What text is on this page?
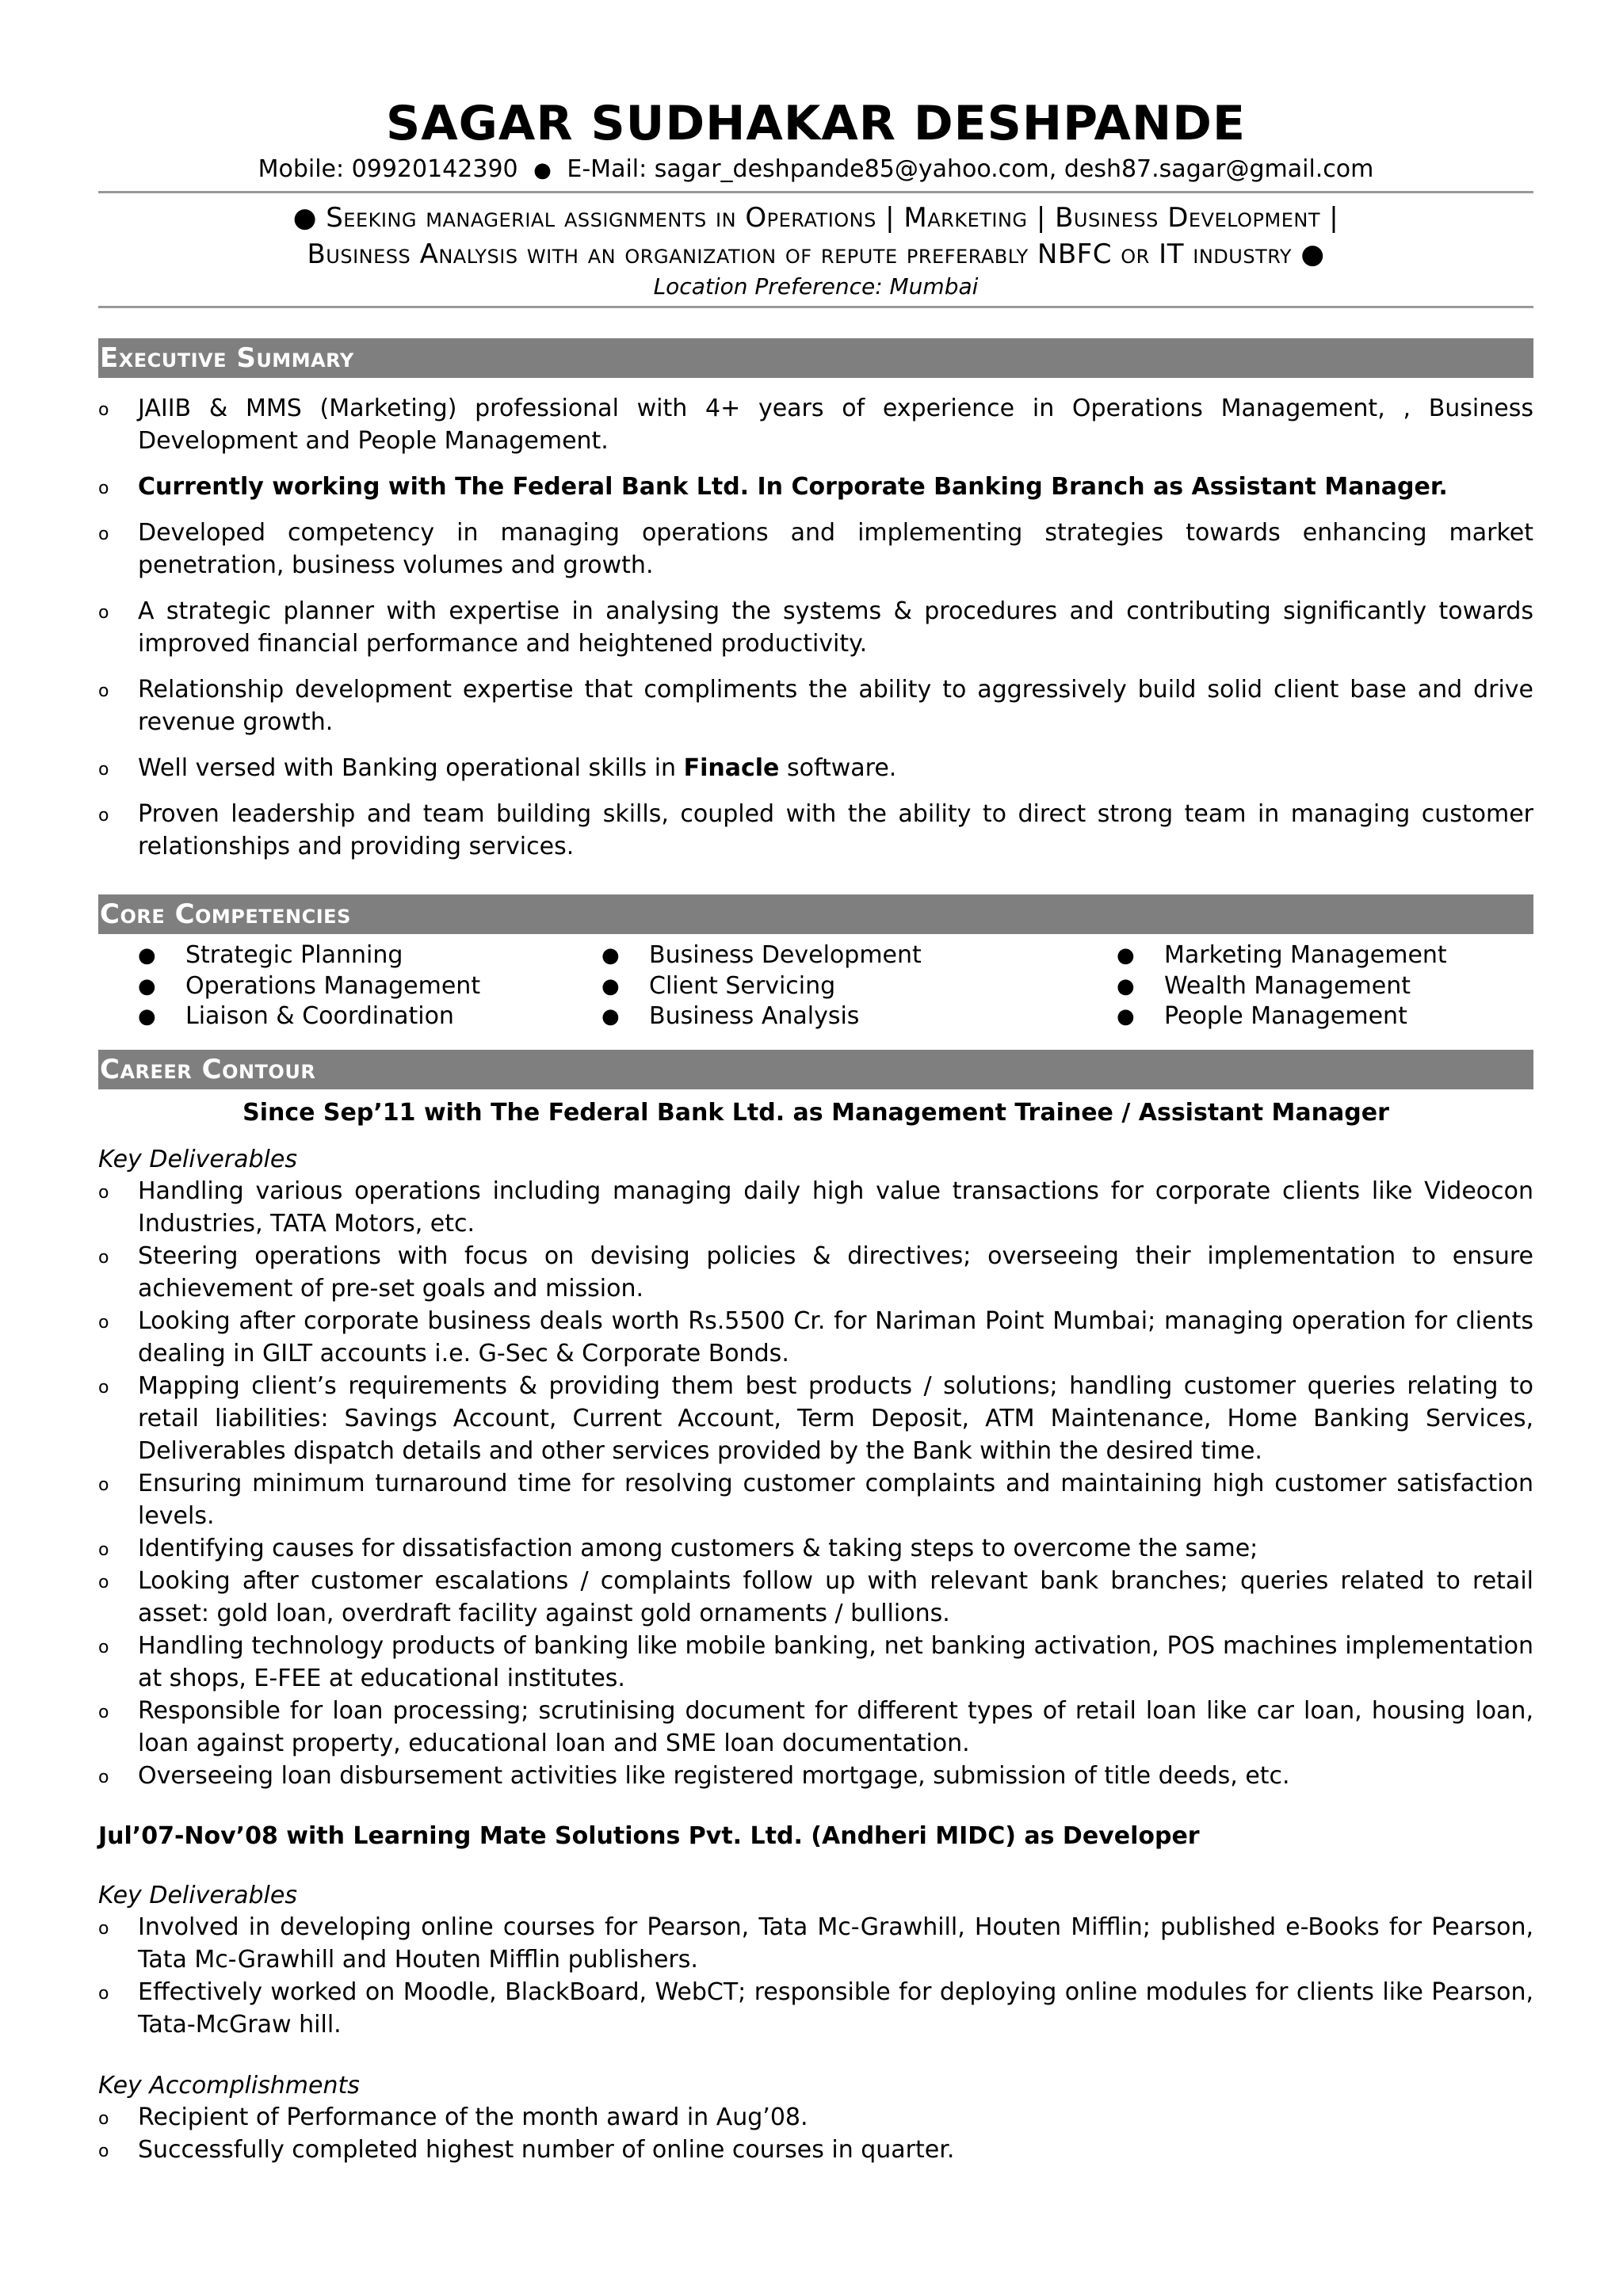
SAGAR SUDHAKAR DESHPANDE
Mobile: 09920142390 ● E-Mail: sagar_deshpande85@yahoo.com, desh87.sagar@gmail.com
● Seeking managerial assignments in Operations | Marketing | Business Development |
Business Analysis with an organization of repute preferably NBFC or IT industry ●
Location Preference: Mumbai
Executive Summary
o JAIIB & MMS (Marketing) professional with 4+ years of experience in Operations Management, , Business Development and People Management.
o Currently working with The Federal Bank Ltd. In Corporate Banking Branch as Assistant Manager.
o Developed competency in managing operations and implementing strategies towards enhancing market penetration, business volumes and growth.
o A strategic planner with expertise in analysing the systems & procedures and contributing significantly towards improved financial performance and heightened productivity.
o Relationship development expertise that compliments the ability to aggressively build solid client base and drive revenue growth.
o Well versed with Banking operational skills in Finacle software.
o Proven leadership and team building skills, coupled with the ability to direct strong team in managing customer relationships and providing services.
Core Competencies
● Strategic Planning
● Operations Management
● Liaison & Coordination
● Business Development
● Client Servicing
● Business Analysis
● Marketing Management
● Wealth Management
● People Management
Career Contour
Since Sep’11 with The Federal Bank Ltd. as Management Trainee / Assistant Manager
Key Deliverables
o Handling various operations including managing daily high value transactions for corporate clients like Videocon Industries, TATA Motors, etc.
o Steering operations with focus on devising policies & directives; overseeing their implementation to ensure achievement of pre-set goals and mission.
o Looking after corporate business deals worth Rs.5500 Cr. for Nariman Point Mumbai; managing operation for clients dealing in GILT accounts i.e. G-Sec & Corporate Bonds.
o Mapping client’s requirements & providing them best products / solutions; handling customer queries relating to retail liabilities: Savings Account, Current Account, Term Deposit, ATM Maintenance, Home Banking Services, Deliverables dispatch details and other services provided by the Bank within the desired time.
o Ensuring minimum turnaround time for resolving customer complaints and maintaining high customer satisfaction levels.
o Identifying causes for dissatisfaction among customers & taking steps to overcome the same;
o Looking after customer escalations / complaints follow up with relevant bank branches; queries related to retail asset: gold loan, overdraft facility against gold ornaments / bullions.
o Handling technology products of banking like mobile banking, net banking activation, POS machines implementation at shops, E-FEE at educational institutes.
o Responsible for loan processing; scrutinising document for different types of retail loan like car loan, housing loan, loan against property, educational loan and SME loan documentation.
o Overseeing loan disbursement activities like registered mortgage, submission of title deeds, etc.
Jul’07-Nov’08 with Learning Mate Solutions Pvt. Ltd. (Andheri MIDC) as Developer
Key Deliverables
o Involved in developing online courses for Pearson, Tata Mc-Grawhill, Houten Mifflin; published e-Books for Pearson, Tata Mc-Grawhill and Houten Mifflin publishers.
o Effectively worked on Moodle, BlackBoard, WebCT; responsible for deploying online modules for clients like Pearson, Tata-McGraw hill.
Key Accomplishments
o Recipient of Performance of the month award in Aug’08.
o Successfully completed highest number of online courses in quarter.
